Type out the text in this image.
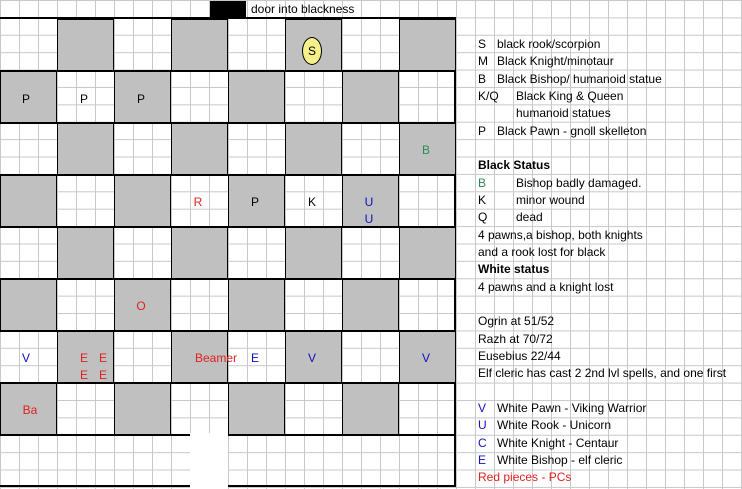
door into blackness
S
P	P	P
B
R	P	K	U
U
O
V	E E
E E
Beamer E	V	V
Ba
S black rook/scorpion
M Black Knight/minotaur
B Black Bishop/ humanoid statue
K/Q Black King & Queen
humanoid statues
P Black Pawn - gnoll skelleton
Black Status
B Bishop badly damaged.
K minor wound
Q dead
4 pawns,a bishop, both knights
and a rook lost for black
White status
4 pawns and a knight lost
Ogrin at 51/52
Razh at 70/72
Eusebius 22/44
Elf cleric has cast 2 2nd lvl spells, and one first
V White Pawn - Viking Warrior
U White Rook - Unicorn
C White Knight - Centaur
E White Bishop - elf cleric
Red pieces - PCs
